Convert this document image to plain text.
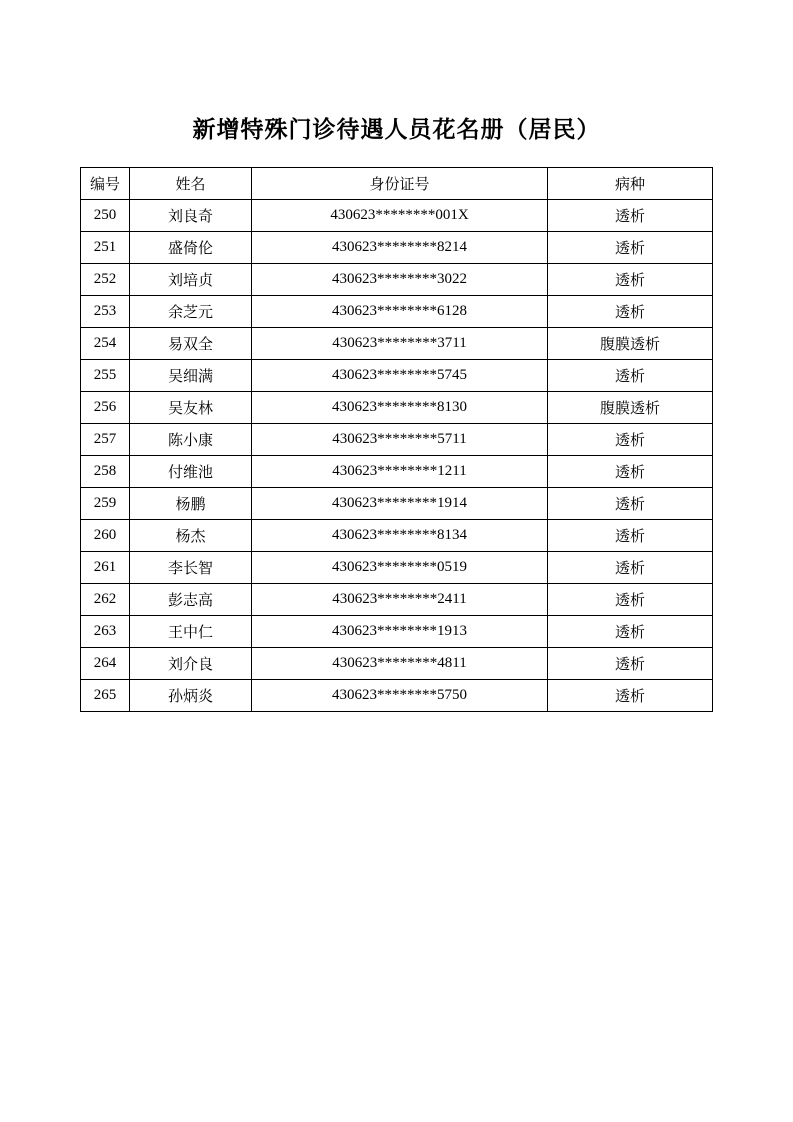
新增特殊门诊待遇人员花名册（居民）
编号	姓名	身份证号	病种
250	刘良奇	430623********001X	透析
251	盛倚伦	430623********8214	透析
252	刘培贞	430623********3022	透析
253	余芝元	430623********6128	透析
254	易双全	430623********3711	腹膜透析
255	吴细满	430623********5745	透析
256	吴友林	430623********8130	腹膜透析
257	陈小康	430623********5711	透析
258	付维池	430623********1211	透析
259	杨鹏	430623********1914	透析
260	杨杰	430623********8134	透析
261	李长智	430623********0519	透析
262	彭志高	430623********2411	透析
263	王中仁	430623********1913	透析
264	刘介良	430623********4811	透析
265	孙炳炎	430623********5750	透析
